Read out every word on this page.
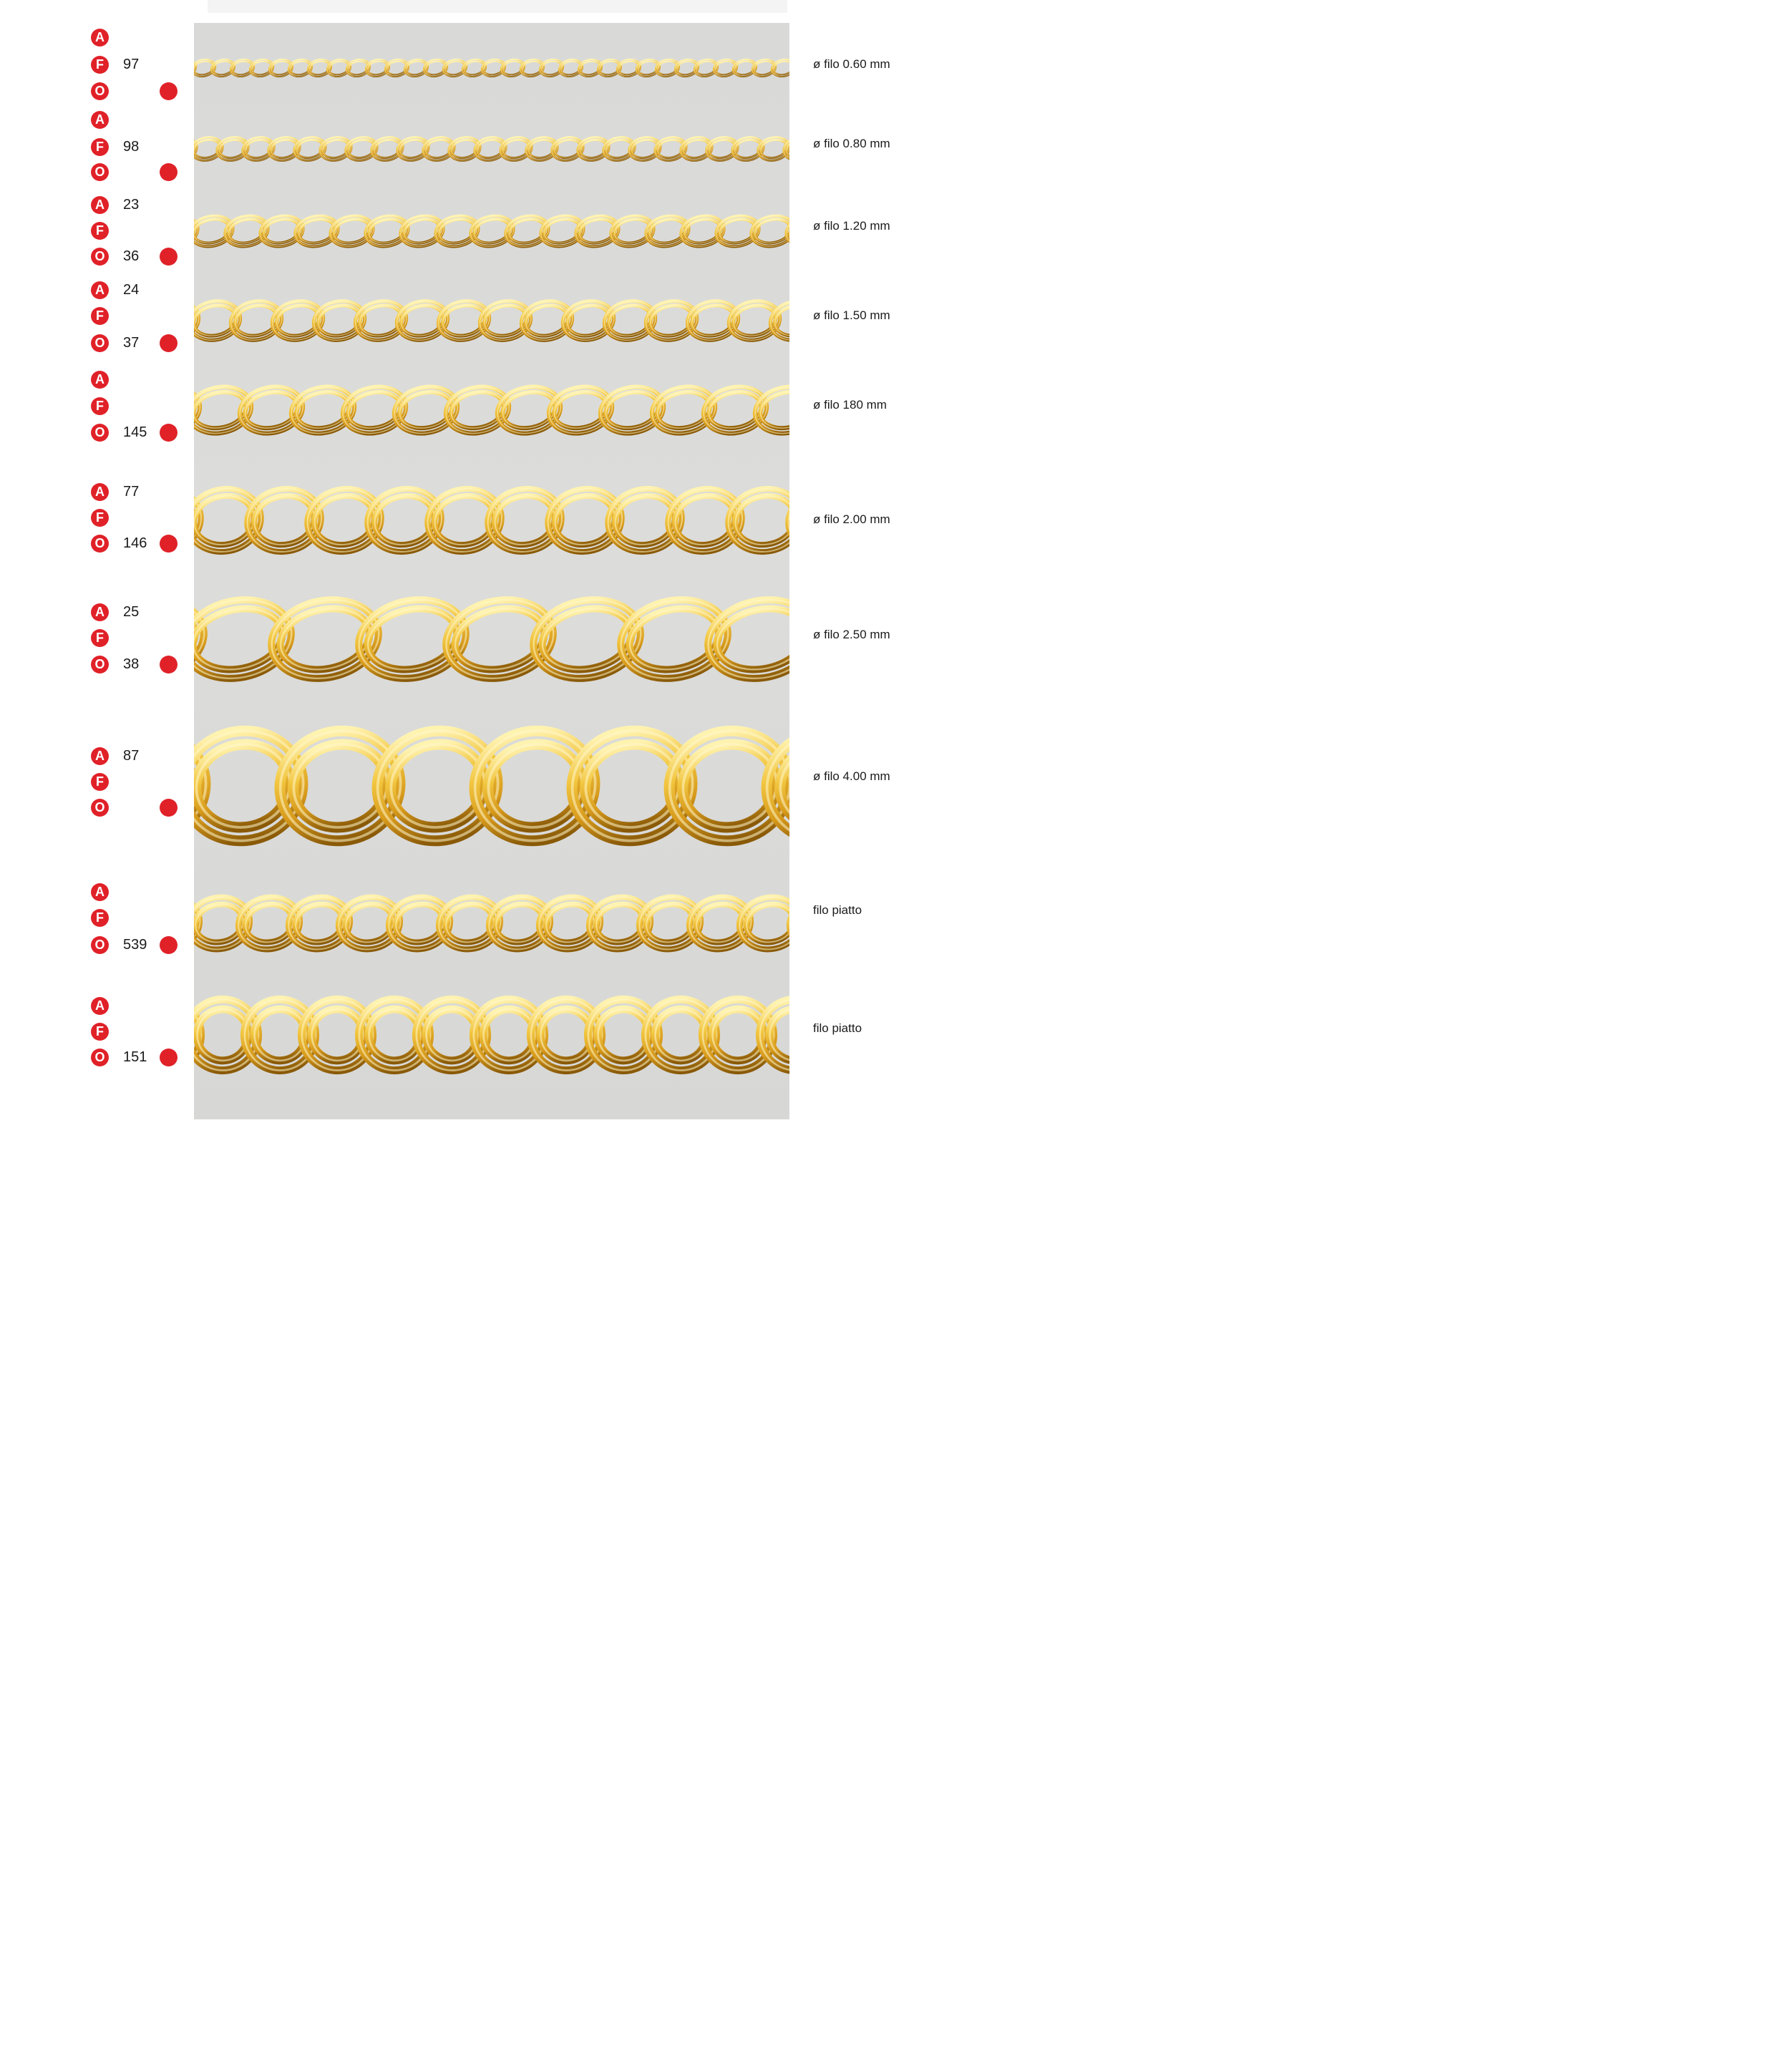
A
F
O
97	ø filo 0.60 mm
A
F
O
98	ø filo 0.80 mm
A
F
O
23
36
ø filo 1.20 mm
A
F
O
24
37
ø filo 1.50 mm
A
F
O 145
ø filo 180 mm
A
F
O
77
146
ø filo 2.00 mm
A
F
O
25
38
ø filo 2.50 mm
A
F
O
87
ø filo 4.00 mm
A
F
O 539
filo piatto
A
F
O 151
filo piatto
